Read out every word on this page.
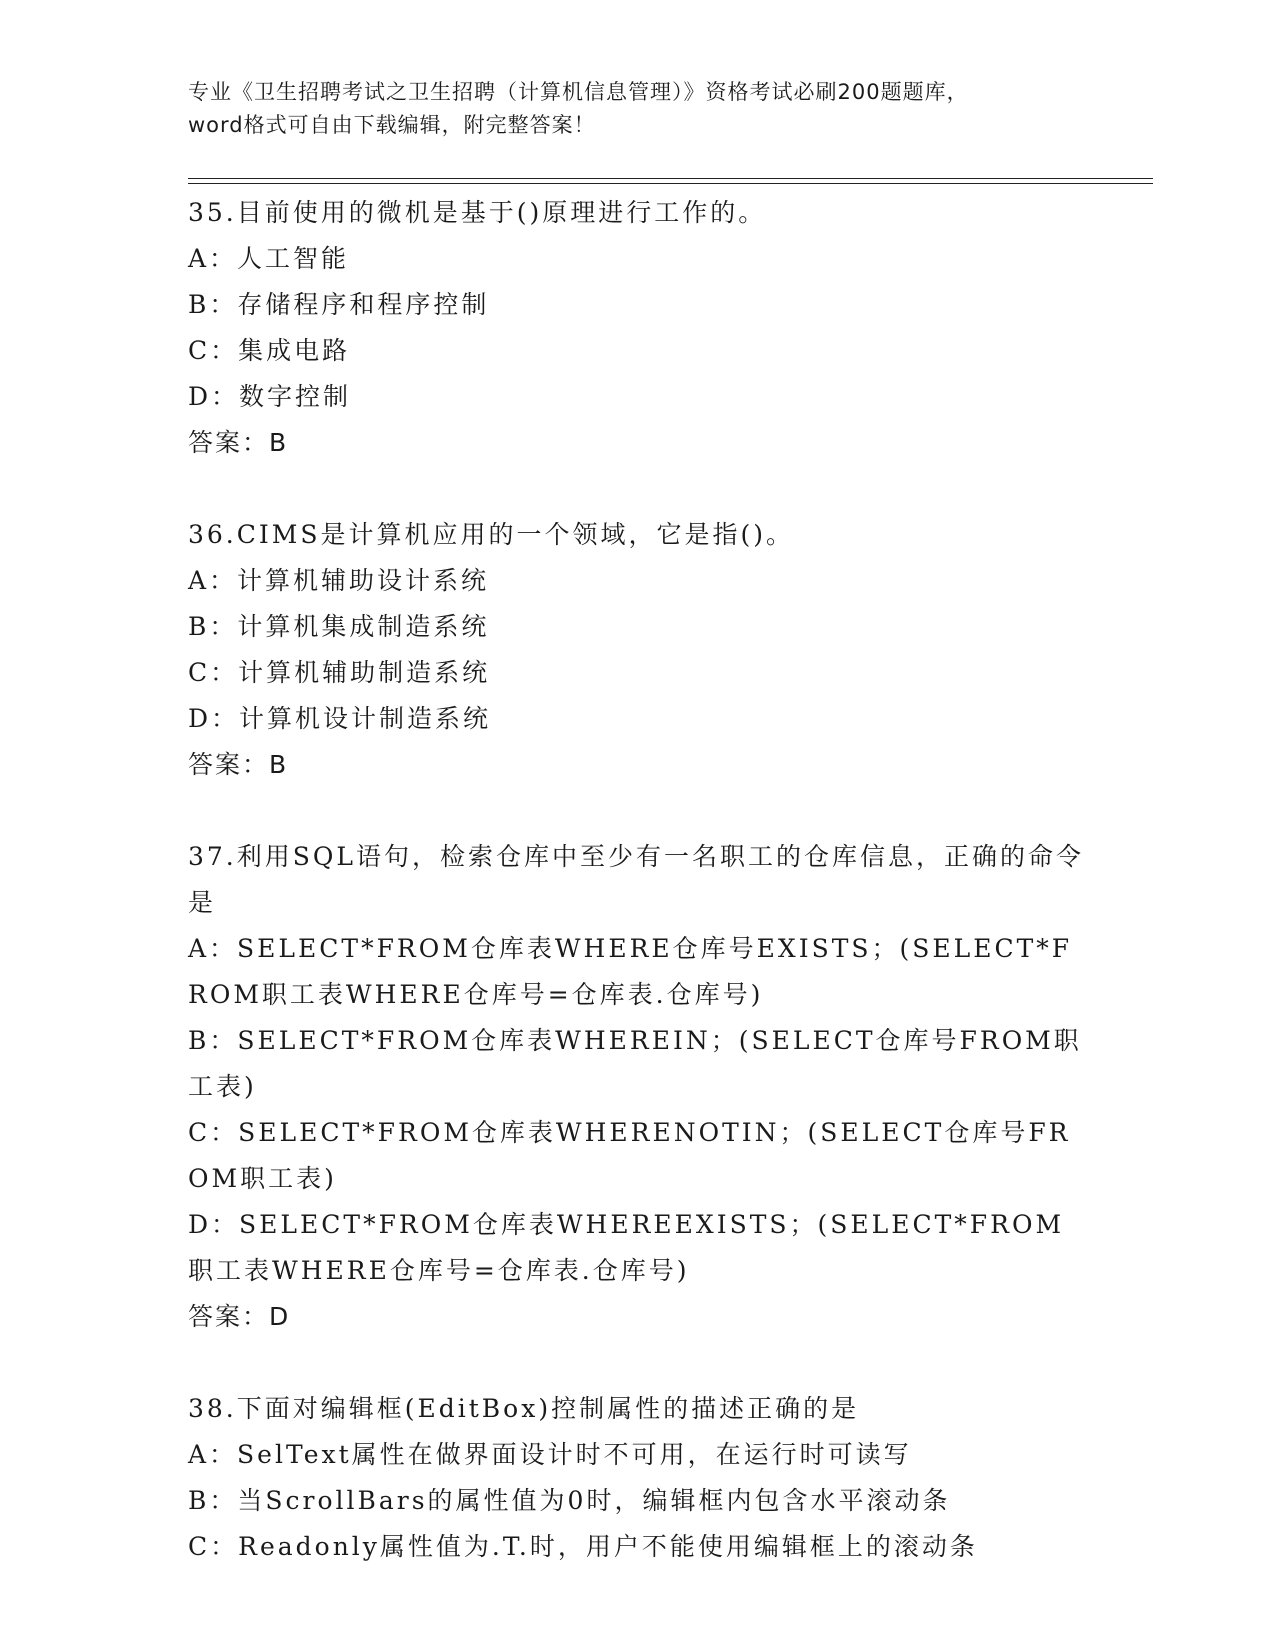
专业《卫生招聘考试之卫生招聘（计算机信息管理）》资格考试必刷200题题库，
word格式可自由下载编辑，附完整答案！
35.目前使用的微机是基于()原理进行工作的。
A：人工智能
B：存储程序和程序控制
C：集成电路
D：数字控制
答案：B
36.CIMS是计算机应用的一个领域，它是指()。
A：计算机辅助设计系统
B：计算机集成制造系统
C：计算机辅助制造系统
D：计算机设计制造系统
答案：B
37.利用SQL语句，检索仓库中至少有一名职工的仓库信息，正确的命令是
A：SELECT*FROM仓库表WHERE仓库号EXISTS；(SELECT*FROM职工表WHERE仓库号=仓库表.仓库号)
B：SELECT*FROM仓库表WHEREIN；(SELECT仓库号FROM职工表)
C：SELECT*FROM仓库表WHERENOTIN；(SELECT仓库号FROM职工表)
D：SELECT*FROM仓库表WHEREEXISTS；(SELECT*FROM职工表WHERE仓库号=仓库表.仓库号)
答案：D
38.下面对编辑框(EditBox)控制属性的描述正确的是
A：SelText属性在做界面设计时不可用，在运行时可读写
B：当ScrollBars的属性值为0时，编辑框内包含水平滚动条
C：Readonly属性值为.T.时，用户不能使用编辑框上的滚动条
